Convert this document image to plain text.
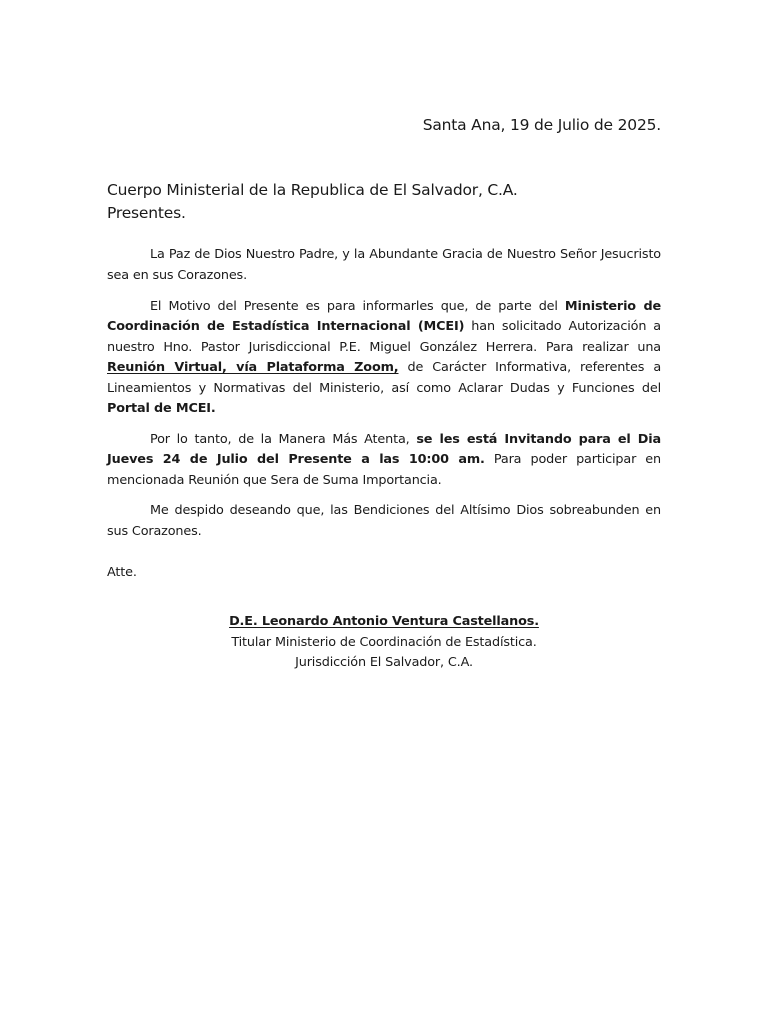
Santa Ana, 19 de Julio de 2025.
Cuerpo Ministerial de la Republica de El Salvador, C.A.
Presentes.

La Paz de Dios Nuestro Padre, y la Abundante Gracia de Nuestro Señor Jesucristo sea en sus Corazones.

El Motivo del Presente es para informarles que, de parte del Ministerio de Coordinación de Estadística Internacional (MCEI) han solicitado Autorización a nuestro Hno. Pastor Jurisdiccional P.E. Miguel González Herrera. Para realizar una Reunión Virtual, vía Plataforma Zoom, de Carácter Informativa, referentes a Lineamientos y Normativas del Ministerio, así como Aclarar Dudas y Funciones del Portal de MCEI.

Por lo tanto, de la Manera Más Atenta, se les está Invitando para el Dia Jueves 24 de Julio del Presente a las 10:00 am. Para poder participar en mencionada Reunión que Sera de Suma Importancia.

Me despido deseando que, las Bendiciones del Altísimo Dios sobreabunden en sus Corazones.

Atte.
D.E. Leonardo Antonio Ventura Castellanos.
Titular Ministerio de Coordinación de Estadística.
Jurisdicción El Salvador, C.A.
